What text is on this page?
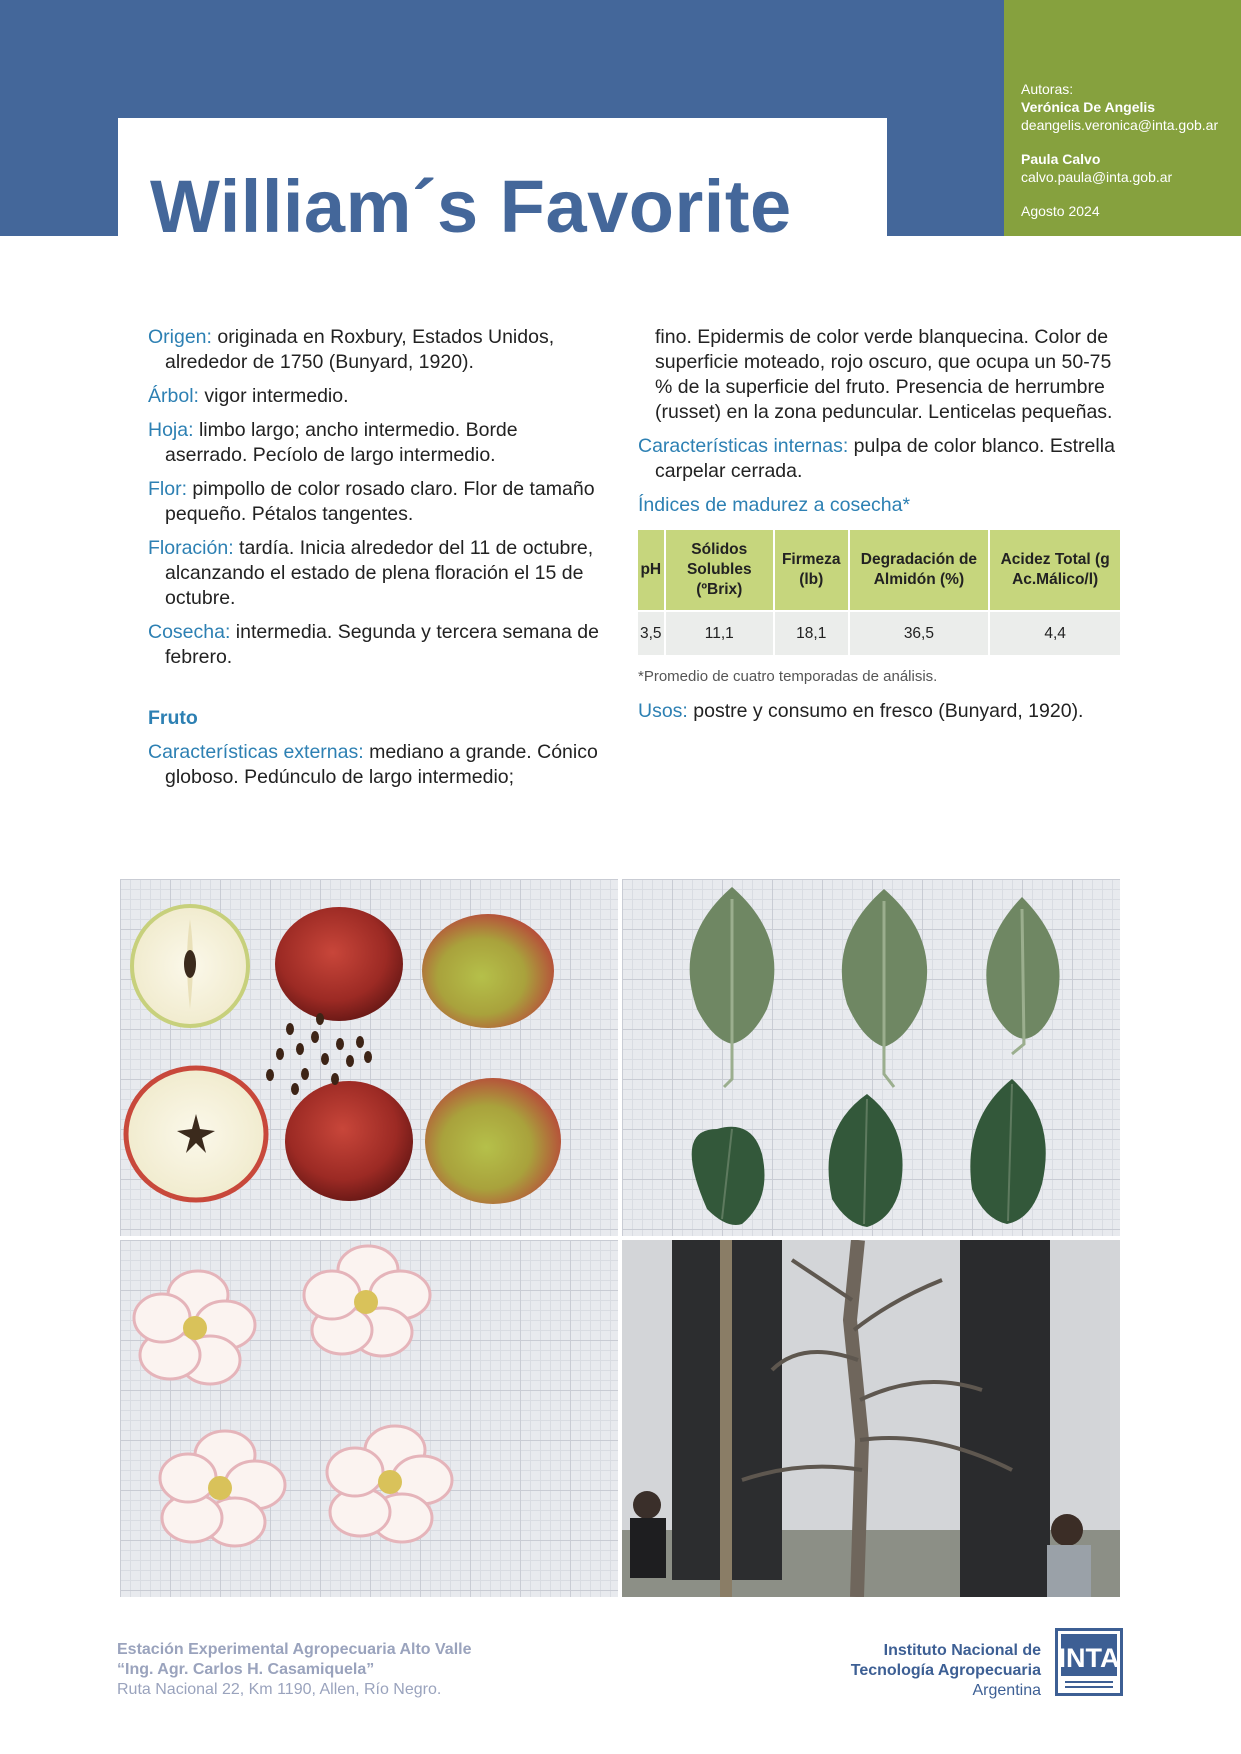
William´s Favorite
Autoras:
Verónica De Angelis
deangelis.veronica@inta.gob.ar
Paula Calvo
calvo.paula@inta.gob.ar
Agosto 2024

Origen: originada en Roxbury, Estados Unidos, alrededor de 1750 (Bunyard, 1920).

Árbol: vigor intermedio.

Hoja: limbo largo; ancho intermedio. Borde aserrado. Pecíolo de largo intermedio.

Flor: pimpollo de color rosado claro. Flor de tamaño pequeño. Pétalos tangentes.

Floración: tardía. Inicia alrededor del 11 de octubre, alcanzando el estado de plena floración el 15 de octubre.

Cosecha: intermedia. Segunda y tercera semana de febrero.

Fruto

Características externas: mediano a grande. Cónico globoso. Pedúnculo de largo intermedio;

fino. Epidermis de color verde blanquecina. Color de superficie moteado, rojo oscuro, que ocupa un 50-75 % de la superficie del fruto. Presencia de herrumbre (russet) en la zona peduncular. Lenticelas pequeñas.

Características internas: pulpa de color blanco. Estrella carpelar cerrada.

Índices de madurez a cosecha*

pH	Sólidos Solubles (ºBrix)	Firmeza (lb)	Degradación de Almidón (%)	Acidez Total (g Ac.Málico/l)
3,5	11,1	18,1	36,5	4,4

*Promedio de cuatro temporadas de análisis.

Usos: postre y consumo en fresco (Bunyard, 1920).

Estación Experimental Agropecuaria Alto Valle
“Ing. Agr. Carlos H. Casamiquela”
Ruta Nacional 22, Km 1190, Allen, Río Negro.
Instituto Nacional de
Tecnología Agropecuaria
Argentina
INTA
